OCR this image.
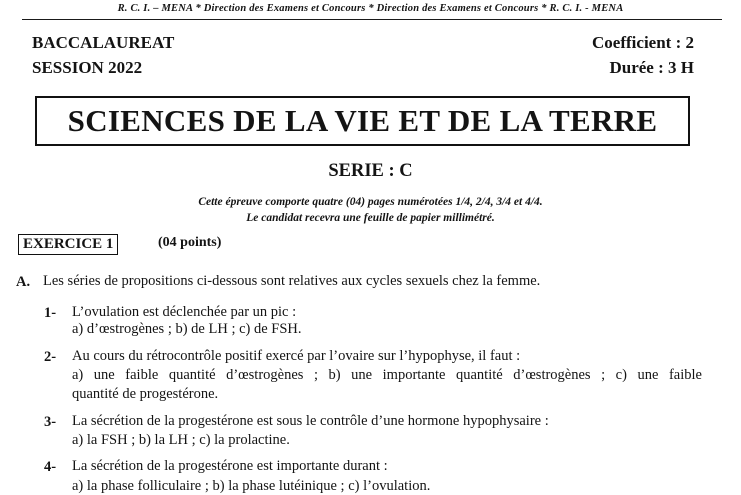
R. C. I. – MENA * Direction des Examens et Concours * Direction des Examens et Concours * R. C. I. - MENA
BACCALAUREAT
SESSION 2022
Coefficient : 2
Durée : 3 H
SCIENCES DE LA VIE ET DE LA TERRE
SERIE : C
Cette épreuve comporte quatre (04) pages numérotées 1/4, 2/4, 3/4 et 4/4.
Le candidat recevra une feuille de papier millimétré.
EXERCICE 1	(04 points)
A. Les séries de propositions ci-dessous sont relatives aux cycles sexuels chez la femme.
1- L’ovulation est déclenchée par un pic :
a) d’œstrogènes ; b) de LH ; c) de FSH.
2- Au cours du rétrocontrôle positif exercé par l’ovaire sur l’hypophyse, il faut :
a) une faible quantité d’œstrogènes ; b) une importante quantité d’œstrogènes ; c) une faible
quantité de progestérone.
3- La sécrétion de la progestérone est sous le contrôle d’une hormone hypophysaire :
a) la FSH ; b) la LH ; c) la prolactine.
4- La sécrétion de la progestérone est importante durant :
a) la phase folliculaire ; b) la phase lutéinique ; c) l’ovulation.
